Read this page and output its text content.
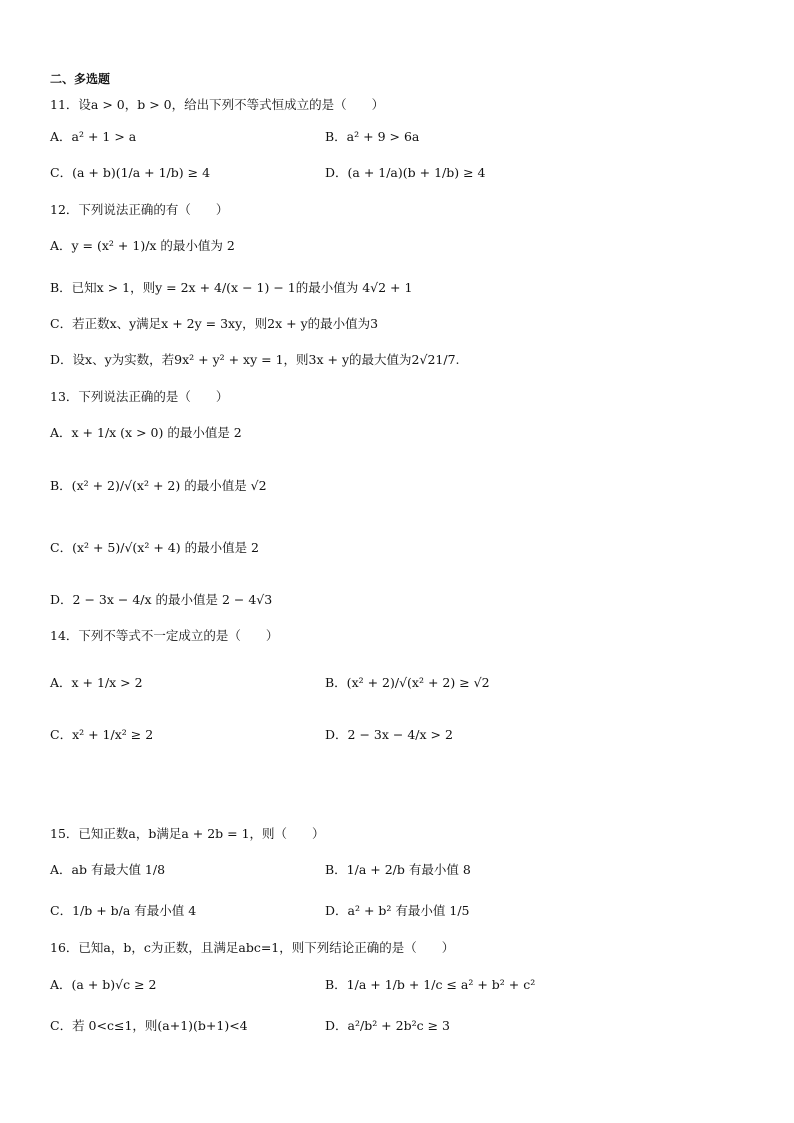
二、多选题
11．设a > 0，b > 0，给出下列不等式恒成立的是（　　）
A．a² + 1 > a	B．a² + 9 > 6a
C．(a + b)(1/a + 1/b) ≥ 4	D．(a + 1/a)(b + 1/b) ≥ 4
12．下列说法正确的有（　　）
A．y = (x² + 1)/x 的最小值为 2
B．已知x > 1，则y = 2x + 4/(x − 1) − 1的最小值为 4√2 + 1
C．若正数x、y满足x + 2y = 3xy，则2x + y的最小值为3
D．设x、y为实数，若9x² + y² + xy = 1，则3x + y的最大值为2√21/7.
13．下列说法正确的是（　　）
A．x + 1/x (x > 0) 的最小值是 2
B．(x² + 2)/√(x² + 2) 的最小值是 √2
C．(x² + 5)/√(x² + 4) 的最小值是 2
D．2 − 3x − 4/x 的最小值是 2 − 4√3
14．下列不等式不一定成立的是（　　）
A．x + 1/x > 2	B．(x² + 2)/√(x² + 2) ≥ √2
C．x² + 1/x² ≥ 2	D．2 − 3x − 4/x > 2
15．已知正数a，b满足a + 2b = 1，则（　　）
A．ab 有最大值 1/8	B．1/a + 2/b 有最小值 8
C．1/b + b/a 有最小值 4	D．a² + b² 有最小值 1/5
16．已知a，b，c为正数，且满足abc=1，则下列结论正确的是（　　）
A．(a + b)√c ≥ 2	B．1/a + 1/b + 1/c ≤ a² + b² + c²
C．若 0<c≤1，则(a+1)(b+1)<4	D．a²/b² + 2b²c ≥ 3
